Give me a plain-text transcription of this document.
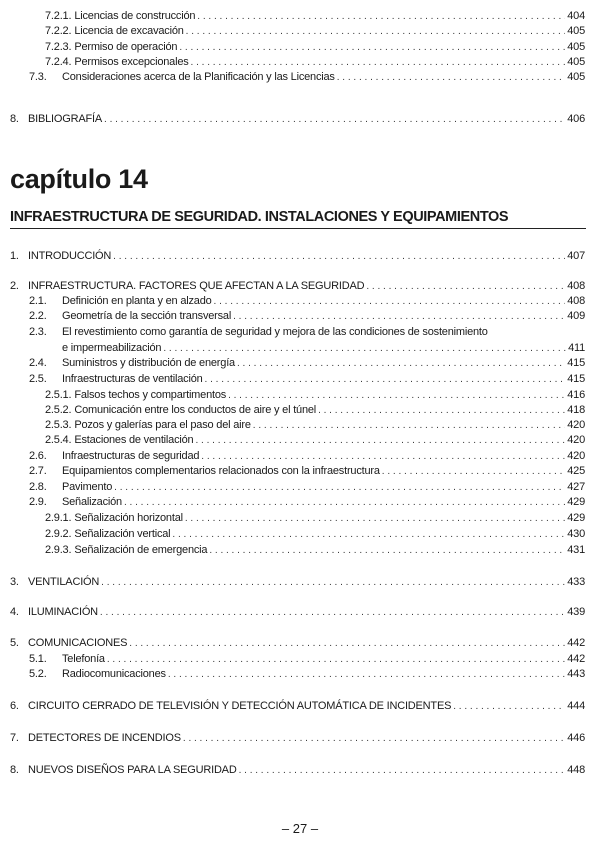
7.2.1. Licencias de construcción . . .	404
7.2.2. Licencia de excavación . . .	405
7.2.3. Permiso de operación . . .	405
7.2.4. Permisos excepcionales . . .	405
7.3.	Consideraciones acerca de la Planificación y las Licencias . . .	405
8. BIBLIOGRAFÍA . . .	406
1. INTRODUCCIÓN . . .	407
2. INFRAESTRUCTURA. FACTORES QUE AFECTAN A LA SEGURIDAD . . .	408
2.1.	Definición en planta y en alzado . . .	408
2.2.	Geometría de la sección transversal . . .	409
2.3.	El revestimiento como garantía de seguridad y mejora de las condiciones de sostenimiento
e impermeabilización . . .	411
2.4.	Suministros y distribución de energía . . .	415
2.5.	Infraestructuras de ventilación . . .	415
2.5.1. Falsos techos y compartimentos . . .	416
2.5.2. Comunicación entre los conductos de aire y el túnel . . .	418
2.5.3. Pozos y galerías para el paso del aire . . .	420
2.5.4. Estaciones de ventilación . . .	420
2.6.	Infraestructuras de seguridad . . .	420
2.7.	Equipamientos complementarios relacionados con la infraestructura . . .	425
2.8.	Pavimento . . .	427
2.9.	Señalización . . .	429
2.9.1. Señalización horizontal . . .	429
2.9.2. Señalización vertical . . .	430
2.9.3. Señalización de emergencia . . .	431
3. VENTILACIÓN . . .	433
4. ILUMINACIÓN . . .	439
5. COMUNICACIONES . . .	442
5.1.	Telefonía . . .	442
5.2.	Radiocomunicaciones . . .	443
6. CIRCUITO CERRADO DE TELEVISIÓN Y DETECCIÓN AUTOMÁTICA DE INCIDENTES . . .	444
7. DETECTORES DE INCENDIOS . . .	446
8. NUEVOS DISEÑOS PARA LA SEGURIDAD . . .	448
capítulo 14
INFRAESTRUCTURA DE SEGURIDAD. INSTALACIONES Y EQUIPAMIENTOS
– 27 –
